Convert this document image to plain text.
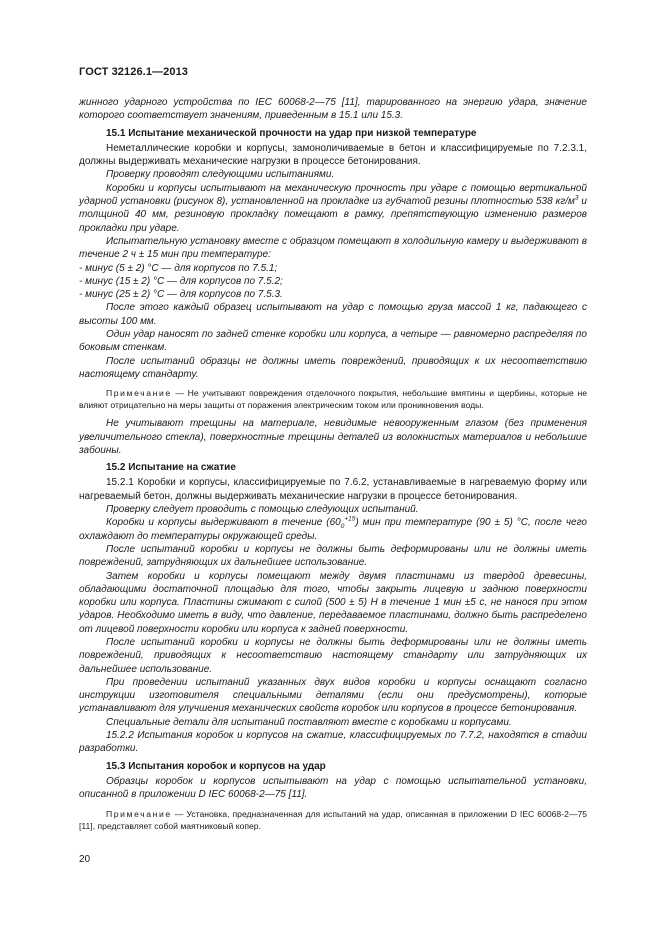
ГОСТ 32126.1—2013

жинного ударного устройства по IEC 60068-2—75 [11], тарированного на энергию удара, значение которого соответствует значениям, приведенным в 15.1 или 15.3.

15.1 Испытание механической прочности на удар при низкой температуре

Неметаллические коробки и корпусы, замоноличиваемые в бетон и классифицируемые по 7.2.3.1, должны выдерживать механические нагрузки в процессе бетонирования.

Проверку проводят следующими испытаниями.

Коробки и корпусы испытывают на механическую прочность при ударе с помощью вертикальной ударной установки (рисунок 8), установленной на прокладке из губчатой резины плотностью 538 $кг/м^3$ и толщиной 40 мм, резиновую прокладку помещают в рамку, препятствующую изменению размеров прокладки при ударе.

Испытательную установку вместе с образцом помещают в холодильную камеру и выдерживают в течение 2 ч ± 15 мин при температуре:

- минус (5 ± 2) °С — для корпусов по 7.5.1;

- минус (15 ± 2) °С — для корпусов по 7.5.2;

- минус (25 ± 2) °С — для корпусов по 7.5.3.

После этого каждый образец испытывают на удар с помощью груза массой 1 кг, падающего с высоты 100 мм.

Один удар наносят по задней стенке коробки или корпуса, а четыре — равномерно распределяя по боковым стенкам.

После испытаний образцы не должны иметь повреждений, приводящих к их несоответствию настоящему стандарту.

Примечание — Не учитывают повреждения отделочного покрытия, небольшие вмятины и щербины, которые не влияют отрицательно на меры защиты от поражения электрическим током или проникновения воды.

Не учитывают трещины на материале, невидимые невооруженным глазом (без применения увеличительного стекла), поверхностные трещины деталей из волокнистых материалов и небольшие забоины.

15.2 Испытание на сжатие

15.2.1 Коробки и корпусы, классифицируемые по 7.6.2, устанавливаемые в нагреваемую форму или нагреваемый бетон, должны выдерживать механические нагрузки в процессе бетонирования.

Проверку следует проводить с помощью следующих испытаний.

Коробки и корпусы выдерживают в течение $(60_0^{+15})$ мин при температуре (90 ± 5) °С, после чего охлаждают до температуры окружающей среды.

После испытаний коробки и корпусы не должны быть деформированы или не должны иметь повреждений, затрудняющих их дальнейшее использование.

Затем коробки и корпусы помещают между двумя пластинами из твердой древесины, обладающими достаточной площадью для того, чтобы закрыть лицевую и заднюю поверхности коробки или корпуса. Пластины сжимают с силой (500 ± 5) Н в течение 1 мин ±5 с, не нанося при этом ударов. Необходимо иметь в виду, что давление, передаваемое пластинами, должно быть распределено от лицевой поверхности коробки или корпуса к задней поверхности.

После испытаний коробки и корпусы не должны быть деформированы или не должны иметь повреждений, приводящих к несоответствию настоящему стандарту или затрудняющих их дальнейшее использование.

При проведении испытаний указанных двух видов коробки и корпусы оснащают согласно инструкции изготовителя специальными деталями (если они предусмотрены), которые устанавливают для улучшения механических свойств коробок или корпусов в процессе бетонирования.

Специальные детали для испытаний поставляют вместе с коробками и корпусами.

15.2.2 Испытания коробок и корпусов на сжатие, классифицируемых по 7.7.2, находятся в стадии разработки.

15.3 Испытания коробок и корпусов на удар

Образцы коробок и корпусов испытывают на удар с помощью испытательной установки, описанной в приложении D IEC 60068-2—75 [11].

Примечание — Установка, предназначенная для испытаний на удар, описанная в приложении D IEC 60068-2—75 [11], представляет собой маятниковый копер.

20
